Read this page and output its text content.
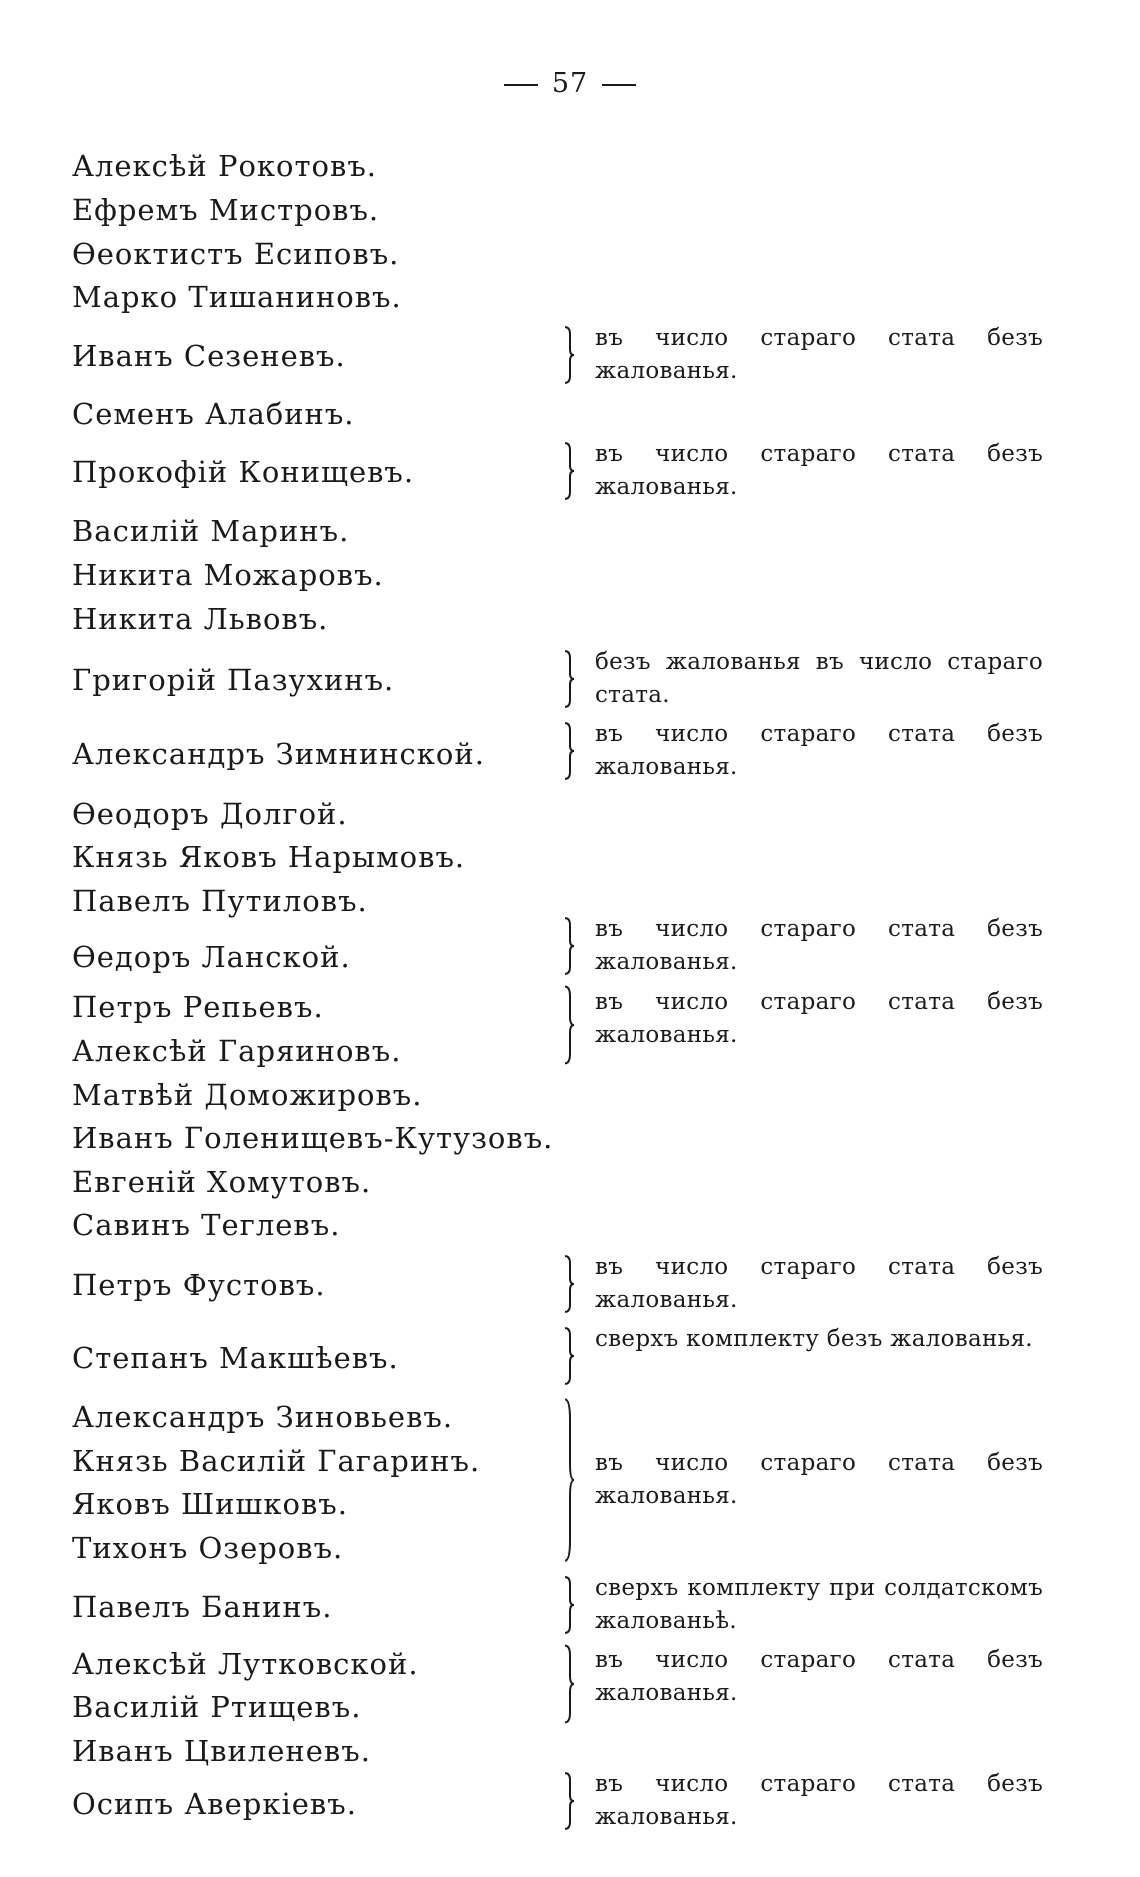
57
Алексѣй Рокотовъ.
Ефремъ Мистровъ.
Ѳеоктистъ Есиповъ.
Марко Тишаниновъ.
Иванъ Сезеневъ.
Семенъ Алабинъ.
Прокофій Конищевъ.
Василій Маринъ.
Никита Можаровъ.
Никита Львовъ.
Григорій Пазухинъ.
Александръ Зимнинской.
Ѳеодоръ Долгой.
Князь Яковъ Нарымовъ.
Павелъ Путиловъ.
Ѳедоръ Ланской.
Петръ Репьевъ.
Алексѣй Гаряиновъ.
Матвѣй Доможировъ.
Иванъ Голенищевъ-Кутузовъ.
Евгеній Хомутовъ.
Савинъ Теглевъ.
Петръ Фустовъ.
Степанъ Макшѣевъ.
Александръ Зиновьевъ.
Князь Василій Гагаринъ.
Яковъ Шишковъ.
Тихонъ Озеровъ.
Павелъ Банинъ.
Алексѣй Лутковской.
Василій Ртищевъ.
Иванъ Цвиленевъ.
Осипъ Аверкіевъ.
въ число стараго стата безъ жалованья.
въ число стараго стата безъ жалованья.
безъ жалованья въ число стараго стата.
въ число стараго стата безъ жалованья.
въ число стараго стата безъ жалованья.
въ число стараго стата безъ жалованья.
въ число стараго стата безъ жалованья.
сверхъ комплекту безъ жалованья.
въ число стараго стата безъ жалованья.
сверхъ комплекту при солдатскомъ жалованьѣ.
въ число стараго стата безъ жалованья.
въ число стараго стата безъ жалованья.
